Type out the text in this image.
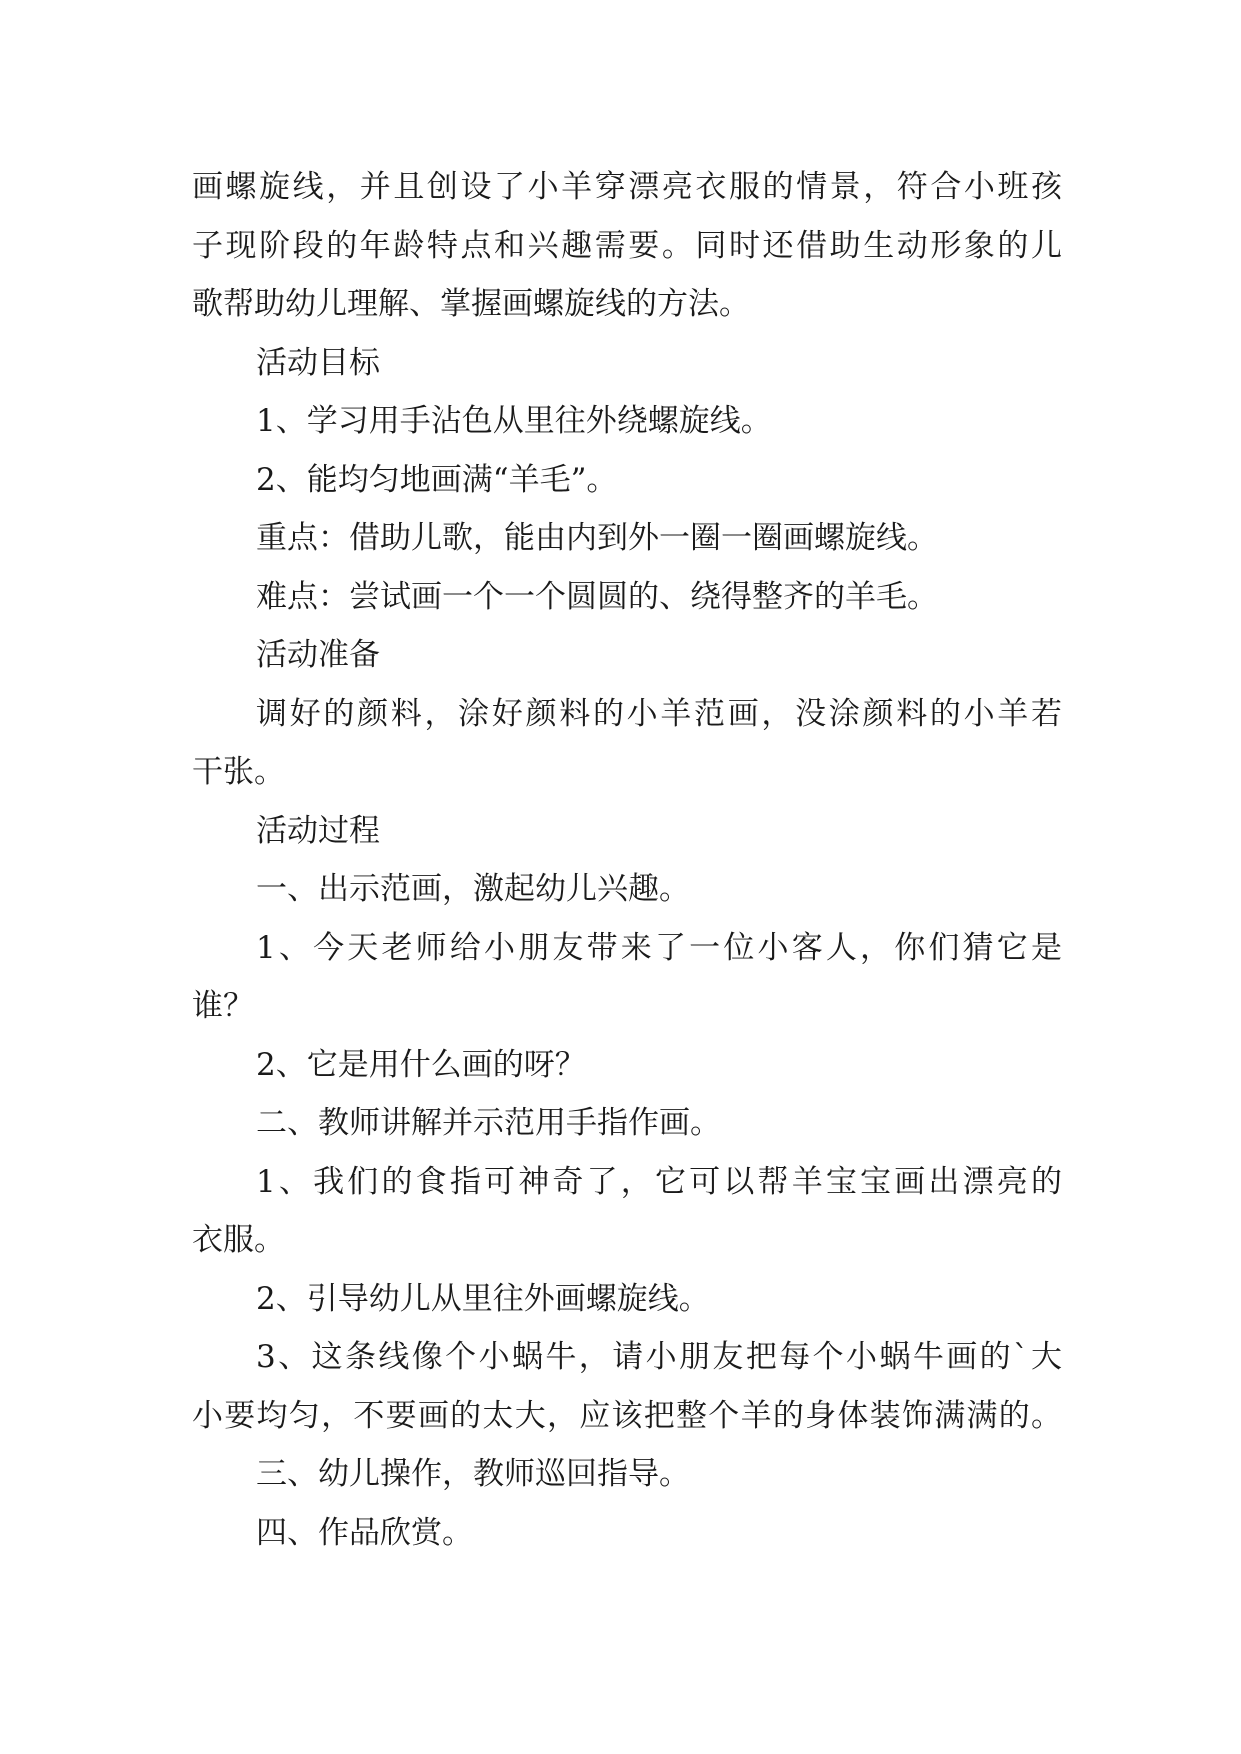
画螺旋线，并且创设了小羊穿漂亮衣服的情景，符合小班孩
子现阶段的年龄特点和兴趣需要。同时还借助生动形象的儿
歌帮助幼儿理解、掌握画螺旋线的方法。
活动目标
1、学习用手沾色从里往外绕螺旋线。
2、能均匀地画满“羊毛”。
重点：借助儿歌，能由内到外一圈一圈画螺旋线。
难点：尝试画一个一个圆圆的、绕得整齐的羊毛。
活动准备
调好的颜料，涂好颜料的小羊范画，没涂颜料的小羊若
干张。
活动过程
一、出示范画，激起幼儿兴趣。
1、今天老师给小朋友带来了一位小客人，你们猜它是
谁？
2、它是用什么画的呀？
二、教师讲解并示范用手指作画。
1、我们的食指可神奇了，它可以帮羊宝宝画出漂亮的
衣服。
2、引导幼儿从里往外画螺旋线。
3、这条线像个小蜗牛，请小朋友把每个小蜗牛画的`大
小要均匀，不要画的太大，应该把整个羊的身体装饰满满的。
三、幼儿操作，教师巡回指导。
四、作品欣赏。
